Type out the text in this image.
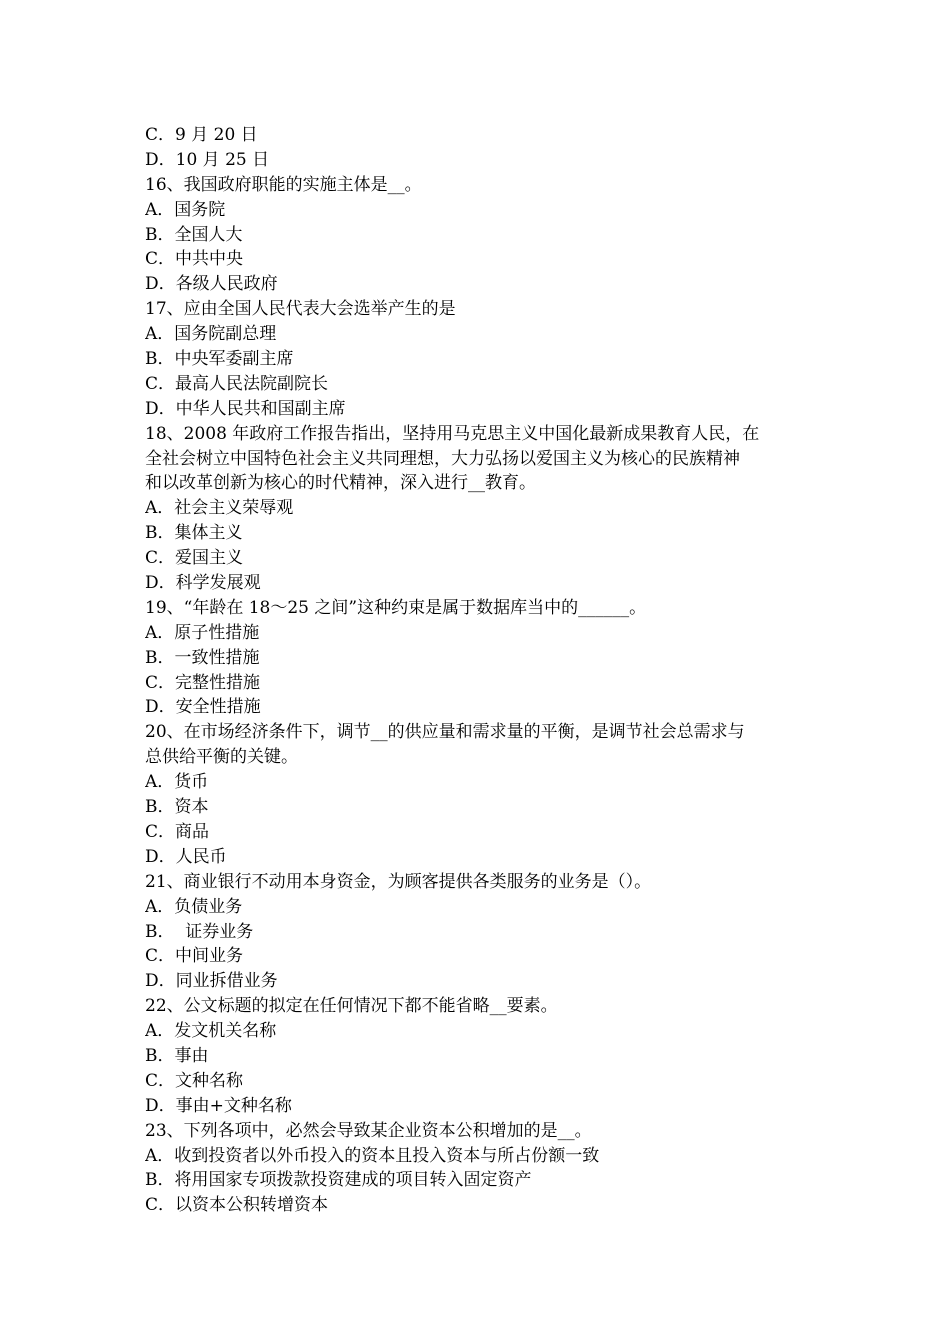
C．9 月 20 日
D．10 月 25 日
16、我国政府职能的实施主体是__。
A．国务院
B．全国人大
C．中共中央
D．各级人民政府
17、应由全国人民代表大会选举产生的是
A．国务院副总理
B．中央军委副主席
C．最高人民法院副院长
D．中华人民共和国副主席
18、2008 年政府工作报告指出，坚持用马克思主义中国化最新成果教育人民，在
全社会树立中国特色社会主义共同理想，大力弘扬以爱国主义为核心的民族精神
和以改革创新为核心的时代精神，深入进行__教育。
A．社会主义荣辱观
B．集体主义
C．爱国主义
D．科学发展观
19、“年龄在 18～25 之间”这种约束是属于数据库当中的______。
A．原子性措施
B．一致性措施
C．完整性措施
D．安全性措施
20、在市场经济条件下，调节__的供应量和需求量的平衡，是调节社会总需求与
总供给平衡的关键。
A．货币
B．资本
C．商品
D．人民币
21、商业银行不动用本身资金，为顾客提供各类服务的业务是（）。
A．负债业务
B．  证券业务
C．中间业务
D．同业拆借业务
22、公文标题的拟定在任何情况下都不能省略__要素。
A．发文机关名称
B．事由
C．文种名称
D．事由+文种名称
23、下列各项中，必然会导致某企业资本公积增加的是__。
A．收到投资者以外币投入的资本且投入资本与所占份额一致
B．将用国家专项拨款投资建成的项目转入固定资产
C．以资本公积转增资本
